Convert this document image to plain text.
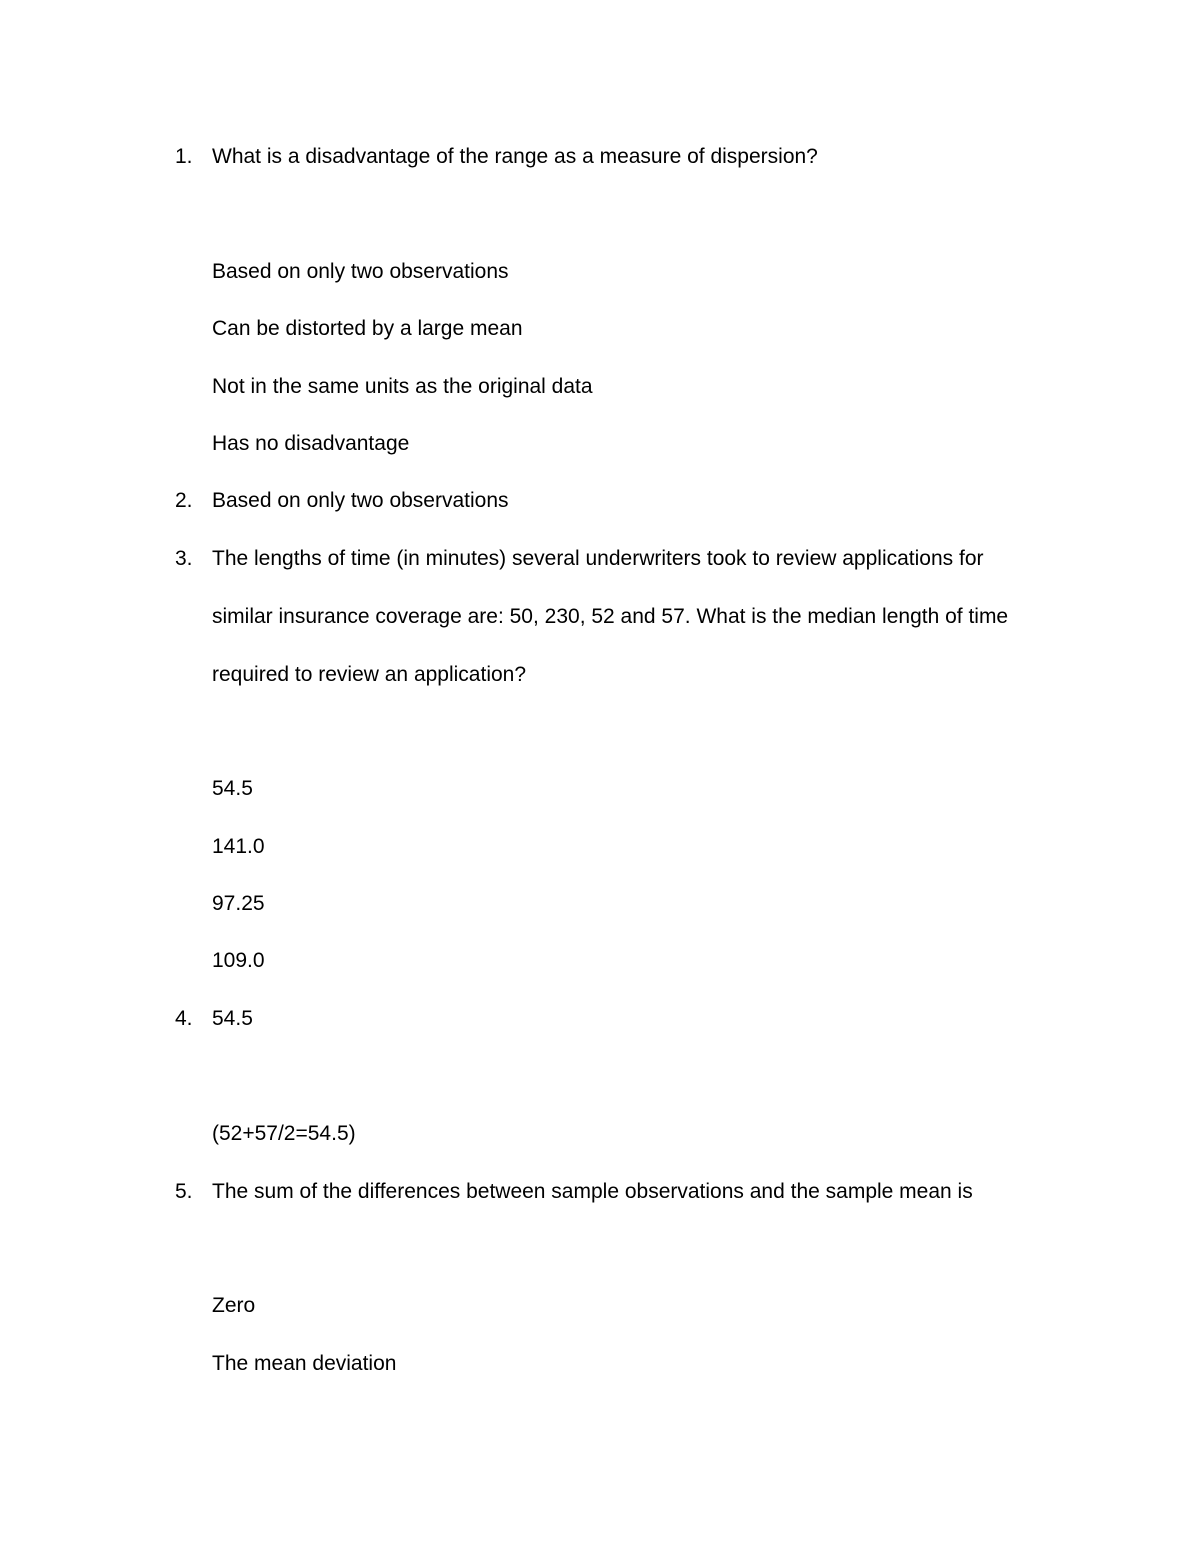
1. What is a disadvantage of the range as a measure of dispersion?
Based on only two observations
Can be distorted by a large mean
Not in the same units as the original data
Has no disadvantage
2. Based on only two observations
3. The lengths of time (in minutes) several underwriters took to review applications for
similar insurance coverage are: 50, 230, 52 and 57. What is the median length of time
required to review an application?
54.5
141.0
97.25
109.0
4. 54.5
(52+57/2=54.5)
5. The sum of the differences between sample observations and the sample mean is
Zero
The mean deviation
